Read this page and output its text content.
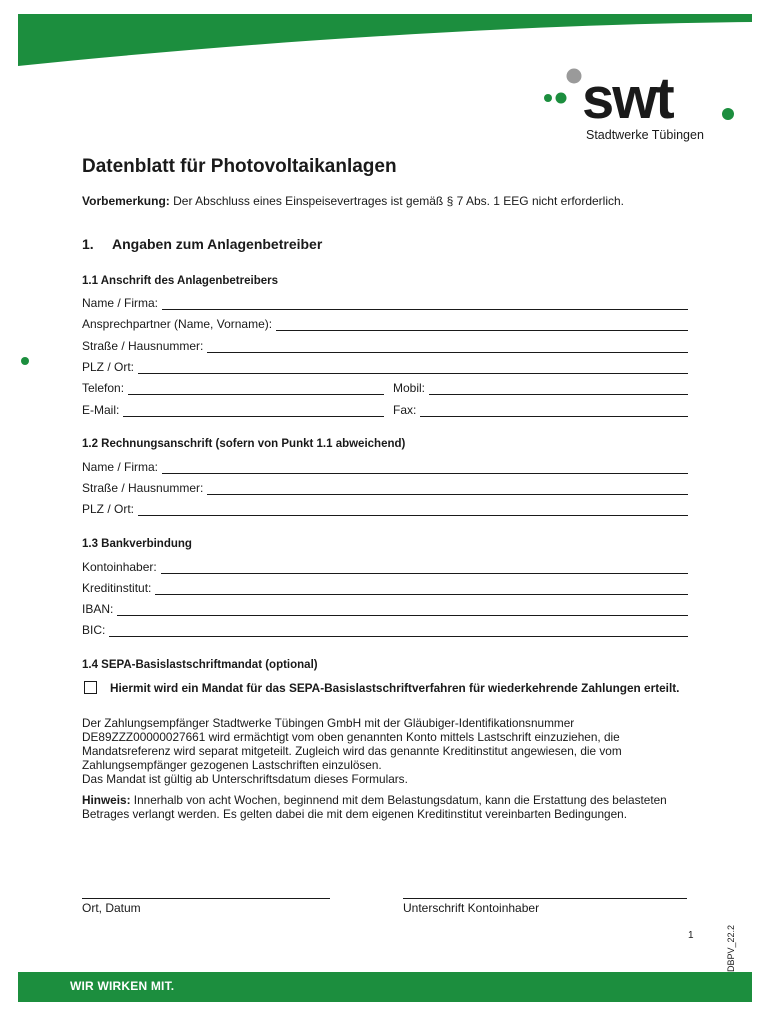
swt
Stadtwerke Tübingen
Datenblatt für Photovoltaikanlagen
Vorbemerkung: Der Abschluss eines Einspeisevertrages ist gemäß § 7 Abs. 1 EEG nicht erforderlich.
1. Angaben zum Anlagenbetreiber
1.1 Anschrift des Anlagenbetreibers
Name / Firma:
Ansprechpartner (Name, Vorname):
Straße / Hausnummer:
PLZ / Ort:
Telefon:	Mobil:
E-Mail:	Fax:
1.2 Rechnungsanschrift (sofern von Punkt 1.1 abweichend)
Name / Firma:
Straße / Hausnummer:
PLZ / Ort:
1.3 Bankverbindung
Kontoinhaber:
Kreditinstitut:
IBAN:
BIC:
1.4 SEPA-Basislastschriftmandat (optional)
Hiermit wird ein Mandat für das SEPA-Basislastschriftverfahren für wiederkehrende Zahlungen erteilt.
Der Zahlungsempfänger Stadtwerke Tübingen GmbH mit der Gläubiger-Identifikationsnummer DE89ZZZ00000027661 wird ermächtigt vom oben genannten Konto mittels Lastschrift einzuziehen, die Mandatsreferenz wird separat mitgeteilt. Zugleich wird das genannte Kreditinstitut angewiesen, die vom Zahlungsempfänger gezogenen Lastschriften einzulösen.
Das Mandat ist gültig ab Unterschriftsdatum dieses Formulars.
Hinweis: Innerhalb von acht Wochen, beginnend mit dem Belastungsdatum, kann die Erstattung des belasteten Betrages verlangt werden. Es gelten dabei die mit dem eigenen Kreditinstitut vereinbarten Bedingungen.
Ort, Datum	Unterschrift Kontoinhaber
1	DBPV_22.2
WIR WIRKEN MIT.
